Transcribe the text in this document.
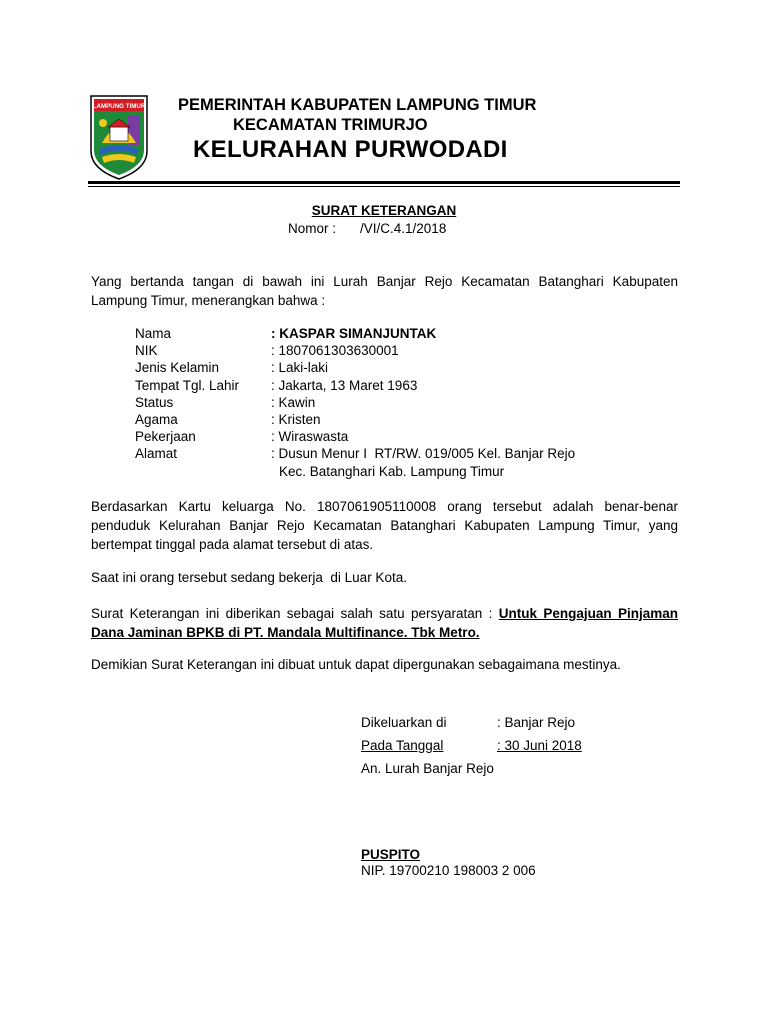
LAMPUNG TIMUR PEMERINTAH KABUPATEN LAMPUNG TIMUR
KECAMATAN TRIMURJO
KELURAHAN PURWODADI
SURAT KETERANGAN
Nomor : /VI/C.4.1/2018
Yang bertanda tangan di bawah ini Lurah Banjar Rejo Kecamatan Batanghari Kabupaten Lampung Timur, menerangkan bahwa :
Nama	: KASPAR SIMANJUNTAK
NIK	: 1807061303630001
Jenis Kelamin	: Laki-laki
Tempat Tgl. Lahir	: Jakarta, 13 Maret 1963
Status	: Kawin
Agama	: Kristen
Pekerjaan	: Wiraswasta
Alamat	: Dusun Menur I  RT/RW. 019/005 Kel. Banjar Rejo
Kec. Batanghari Kab. Lampung Timur
Berdasarkan Kartu keluarga No. 1807061905110008 orang tersebut adalah benar-benar penduduk Kelurahan Banjar Rejo Kecamatan Batanghari Kabupaten Lampung Timur, yang bertempat tinggal pada alamat tersebut di atas.
Saat ini orang tersebut sedang bekerja  di Luar Kota.
Surat Keterangan ini diberikan sebagai salah satu persyaratan : Untuk Pengajuan Pinjaman Dana Jaminan BPKB di PT. Mandala Multifinance. Tbk Metro.
Demikian Surat Keterangan ini dibuat untuk dapat dipergunakan sebagaimana mestinya.
Dikeluarkan di	: Banjar Rejo
Pada Tanggal	: 30 Juni 2018
An. Lurah Banjar Rejo
PUSPITO
NIP. 19700210 198003 2 006
